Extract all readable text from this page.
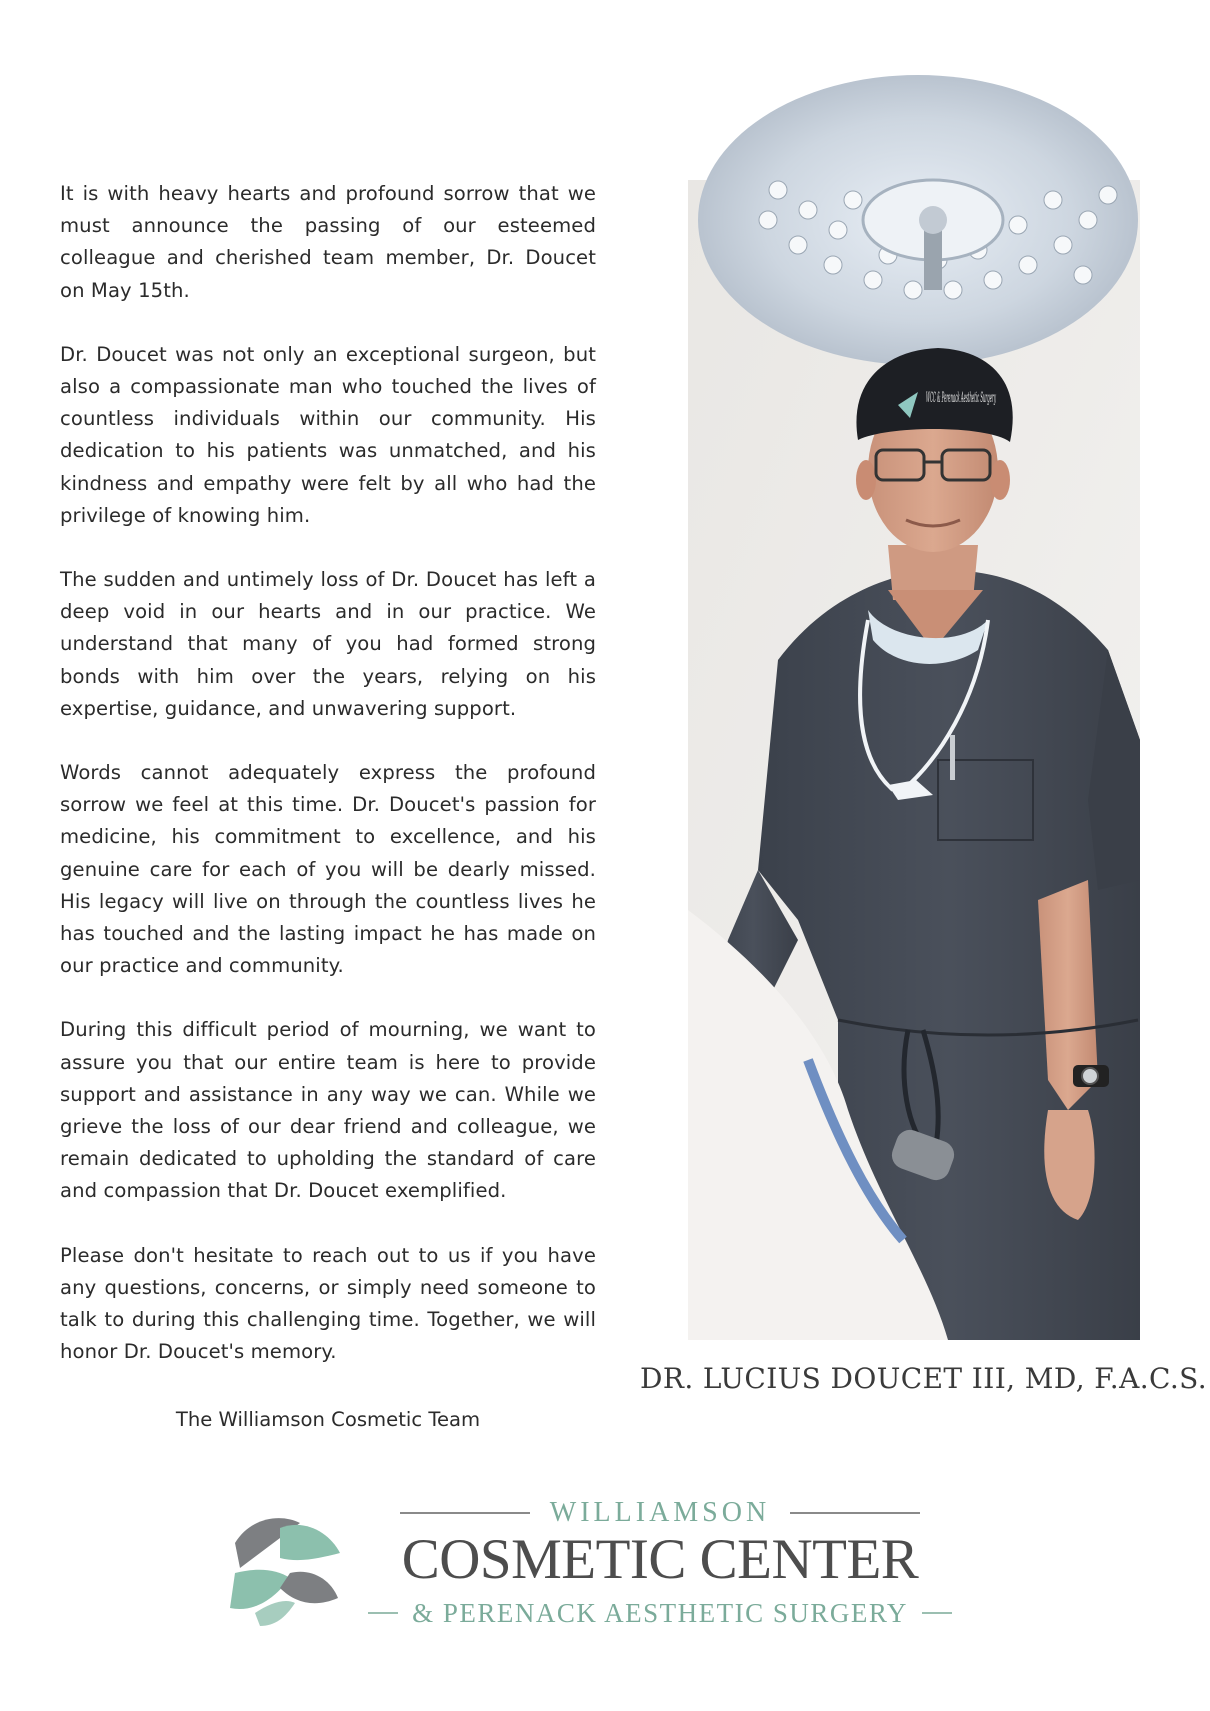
It is with heavy hearts and profound sorrow that we must announce the passing of our esteemed colleague and cherished team member, Dr. Doucet on May 15th.

Dr. Doucet was not only an exceptional surgeon, but also a compassionate man who touched the lives of countless individuals within our community. His dedication to his patients was unmatched, and his kindness and empathy were felt by all who had the privilege of knowing him.

The sudden and untimely loss of Dr. Doucet has left a deep void in our hearts and in our practice. We understand that many of you had formed strong bonds with him over the years, relying on his expertise, guidance, and unwavering support.

Words cannot adequately express the profound sorrow we feel at this time. Dr. Doucet's passion for medicine, his commitment to excellence, and his genuine care for each of you will be dearly missed. His legacy will live on through the countless lives he has touched and the lasting impact he has made on our practice and community.

During this difficult period of mourning, we want to assure you that our entire team is here to provide support and assistance in any way we can. While we grieve the loss of our dear friend and colleague, we remain dedicated to upholding the standard of care and compassion that Dr. Doucet exemplified.

Please don't hesitate to reach out to us if you have any questions, concerns, or simply need someone to talk to during this challenging time. Together, we will honor Dr. Doucet's memory.

The Williamson Cosmetic Team
WCC & Perenack Aesthetic Surgery
DR. LUCIUS DOUCET III, MD, F.A.C.S.
WILLIAMSON
COSMETIC CENTER
& PERENACK AESTHETIC SURGERY
